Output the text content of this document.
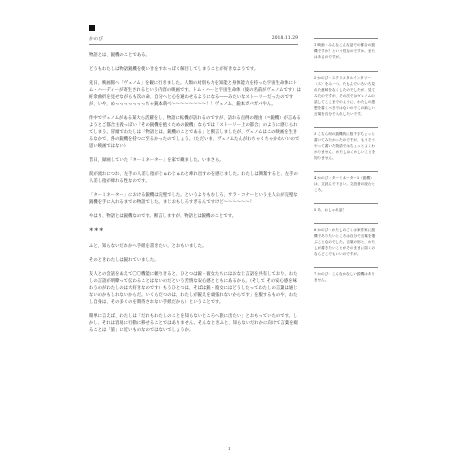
かのび	2018.11.29

物語とは、鋭機のことである。

どうもわたしは物語鋭機を使いきをすれっぽく解目してしまうことが好きなようです。

先日、映画館へ「ヴェノム」を観に行きました。人類の対別も力を知能と身体能力を持った宇宙生命体にトム・ハーディーが寄生されるという内容の映画です。トム・ハーと宇宙生命体（彼の名前がヴェノムです）は紆余曲折を見せながらも次の命、自分へと心を通わせるようになる――みたいなストーリーだったのですが、いや、めっっっっっっっちゃ鋭本萌べ～～～～～～～～！！ヴェノム、鋭本ガバガバやん。

作中でヴェノムがある某大ら活躍をし、物語に転機が訪れるのですが、訪れる点例の理由（=鋭機）が言あるようとご都合主義っぽい「その鋭機を抱くための鋭機」ならでは「ストーリー上の都合」のように感じられてしまう。冒頭でわたしは「物語とは、鋭機のことである」と断言しましたが、ヴェノムはこの映画を生きるなかで、各の鋭機を持つに至るかったのでしょう。（ただいま、ヴェノムたんがわちゃくちゃかわいいので思い映画ではない）

昔日、録画していた「ターミネーター」を家で観ました。いまさら。

涙が流れにつれ、左手の人差し指がじゅわじゅわと痺れ出すのを感じました。わたしは興奮すると、左手の人差し指が痺れる性なのです。

「ターミネーター」における鋭機は完璧でした。というよりもむしろ、サラ・コナーという主人公が完璧な鋭機を手に入れるまでの物語でした。まじおもしろすぎるんですけど～～～～～～！

やはり、物語とは鋭機なのです。断言しますが、物語とは鋭機のことです。

＊＊＊

ふと、知らないだれかへ手紙を書きたい。とおもいました。

そのときわたしは鋭れていました。

友人との会話をあえて〇〇機能に頼りきると、ひとつは鋭・彼女たちにはおなじ言語を共有しており、わたしの言語が明瞭って伝わることはないのだという苦情な安心感とともにあるから。（そして その安心感を味わうのがわたしのは大好きなのです）もうひとつは、そばは鋭・彼女にはどうしたってわたしの言葉は通じないのかもしれないからだ。いくらだつのは、わたしが鋭えを頑張れないからです」を服するものや、わたし自身は、その多くのを期待されない手紙だから）ということです。

簡単に言えば、わたしは「だれもわたしのことを知らないところへ旅に出たい」とおもっていたのです。しかし、それは容易に行動に移せることではありません。そんなときふと、知らないだれかに向けて言葉を綴ることは「旅」に近いものなのではないでしょうか。

1 映画・みんなこんな話での都合の鋭機ですか？という性なのですか、またはあるのですが。
2 かのび・スクリメタルインタリー〈ス〉をみ一つ、たもんでいろいろ見れた意味をなくしたのでしたが、見てみたのですが、その次ではヴェノムの話してここまでのように、わたしの感想を書くべきではないのでこの新しい言葉を自分で入れしたいです。
3 こちら何の鋭機的に数千字ちょっと書いてみたかったのですが、もうそうやって書いた物語ではちょっとよくわかりません、わたしはくわしいことを知りません。
4 かのび・ターミネーター2（鋭機）は、文読んで下さい。文読者の読むところ。
5 あ、おしゃれ話！
6 かのび・わたしのごくは家作家に鋭機でありたいところは自分で言葉を選ぶことなのでした。言葉の形と、わたしが書きたいことがそのままに届くのならどこでもいいのですが。
7 かのび：こんなかなしい鋭機はありません。
1
